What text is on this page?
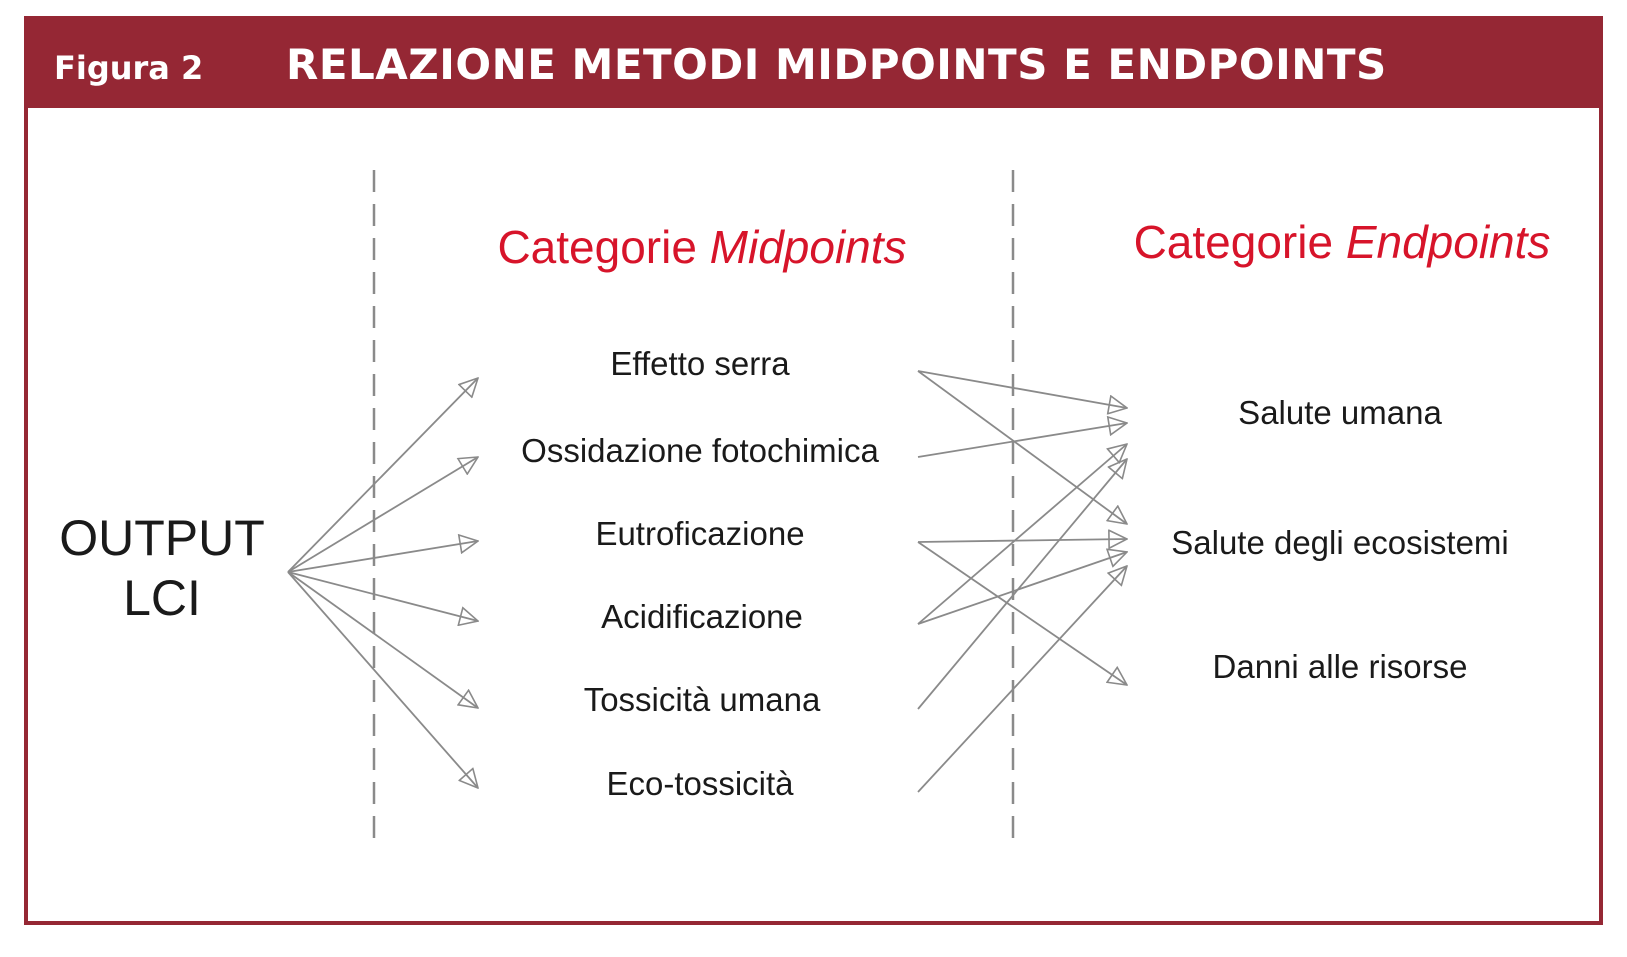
Figura 2 RELAZIONE METODI MIDPOINTS E ENDPOINTS
OUTPUT
LCI
Categorie Midpoints	Categorie Endpoints
Effetto serra
Ossidazione fotochimica
Eutroficazione
Acidificazione
Tossicità umana
Eco-tossicità
Salute umana
Salute degli ecosistemi
Danni alle risorse
